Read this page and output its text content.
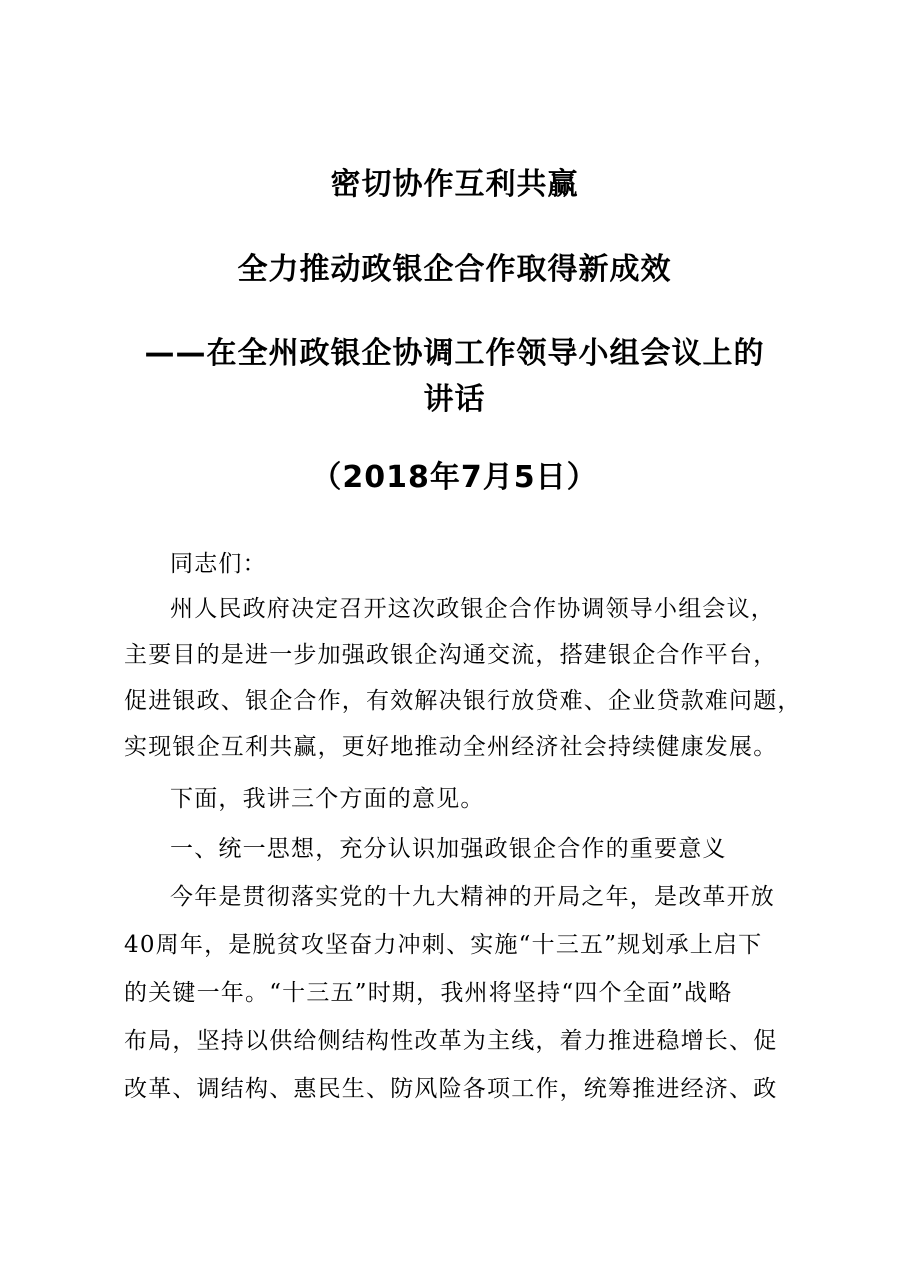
密切协作互利共赢
全力推动政银企合作取得新成效
——在全州政银企协调工作领导小组会议上的
讲话
（2018年7月5日）
同志们：
州人民政府决定召开这次政银企合作协调领导小组会议，
主要目的是进一步加强政银企沟通交流，搭建银企合作平台，
促进银政、银企合作，有效解决银行放贷难、企业贷款难问题，
实现银企互利共赢，更好地推动全州经济社会持续健康发展。
下面，我讲三个方面的意见。
一、统一思想，充分认识加强政银企合作的重要意义
今年是贯彻落实党的十九大精神的开局之年，是改革开放
40周年，是脱贫攻坚奋力冲刺、实施“十三五”规划承上启下
的关键一年。“十三五”时期，我州将坚持“四个全面”战略
布局，坚持以供给侧结构性改革为主线，着力推进稳增长、促
改革、调结构、惠民生、防风险各项工作，统筹推进经济、政
